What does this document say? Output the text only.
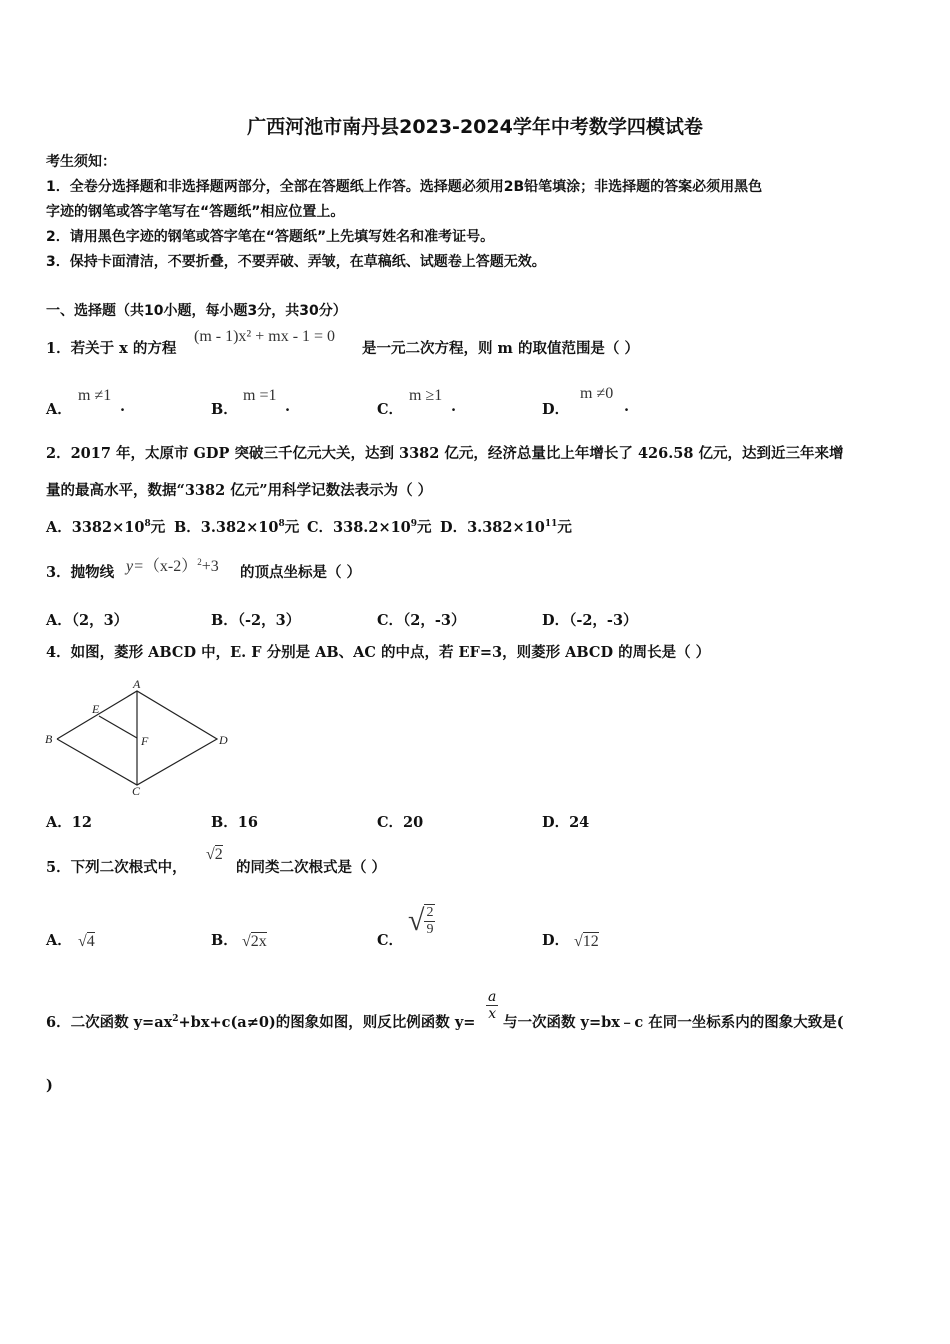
广西河池市南丹县2023-2024学年中考数学四模试卷
考生须知：
1．全卷分选择题和非选择题两部分，全部在答题纸上作答。选择题必须用2B铅笔填涂；非选择题的答案必须用黑色
字迹的钢笔或答字笔写在“答题纸”相应位置上。
2．请用黑色字迹的钢笔或答字笔在“答题纸”上先填写姓名和准考证号。
3．保持卡面清洁，不要折叠，不要弄破、弄皱，在草稿纸、试题卷上答题无效。
一、选择题（共10小题，每小题3分，共30分）
1．若关于 x 的方程
(m - 1)x² + mx - 1 = 0
是一元二次方程，则 m 的取值范围是（ ）
A．
m ≠1
.	B．
m =1
.	C．
m ≥1
.	D．
m ≠0
.
2．2017 年，太原市 GDP 突破三千亿元大关，达到 3382 亿元，经济总量比上年增长了 426.58 亿元，达到近三年来增
量的最高水平，数据“3382 亿元”用科学记数法表示为（ ）
A．$3382\times 10^8$元 B．$3.382\times 10^8$元 C．$338.2\times 10^9$元 D．$3.382\times 10^{11}$元
3．抛物线 $y=(x-2)^2+3$ 的顶点坐标是（ ）
A．（2，3）	B．（-2，3）	C．（2，-3）	D．（-2，-3）
4．如图，菱形 ABCD 中，E. F 分别是 AB、AC 的中点，若 EF=3，则菱形 ABCD 的周长是（ ）
A
B
C
D
E
F
A．12	B．16	C．20	D．24
5．下列二次根式中，
√2
的同类二次根式是（ ）
A． √4	B． √2x	C．
√ $\frac{2}{9}$
D． √12
6．二次函数 $y=ax^2+bx+c(a\ne 0)$的图象如图，则反比例函数 y=
$\frac{a}{x}$
与一次函数 y=bx﹣c 在同一坐标系内的图象大致是(
)
